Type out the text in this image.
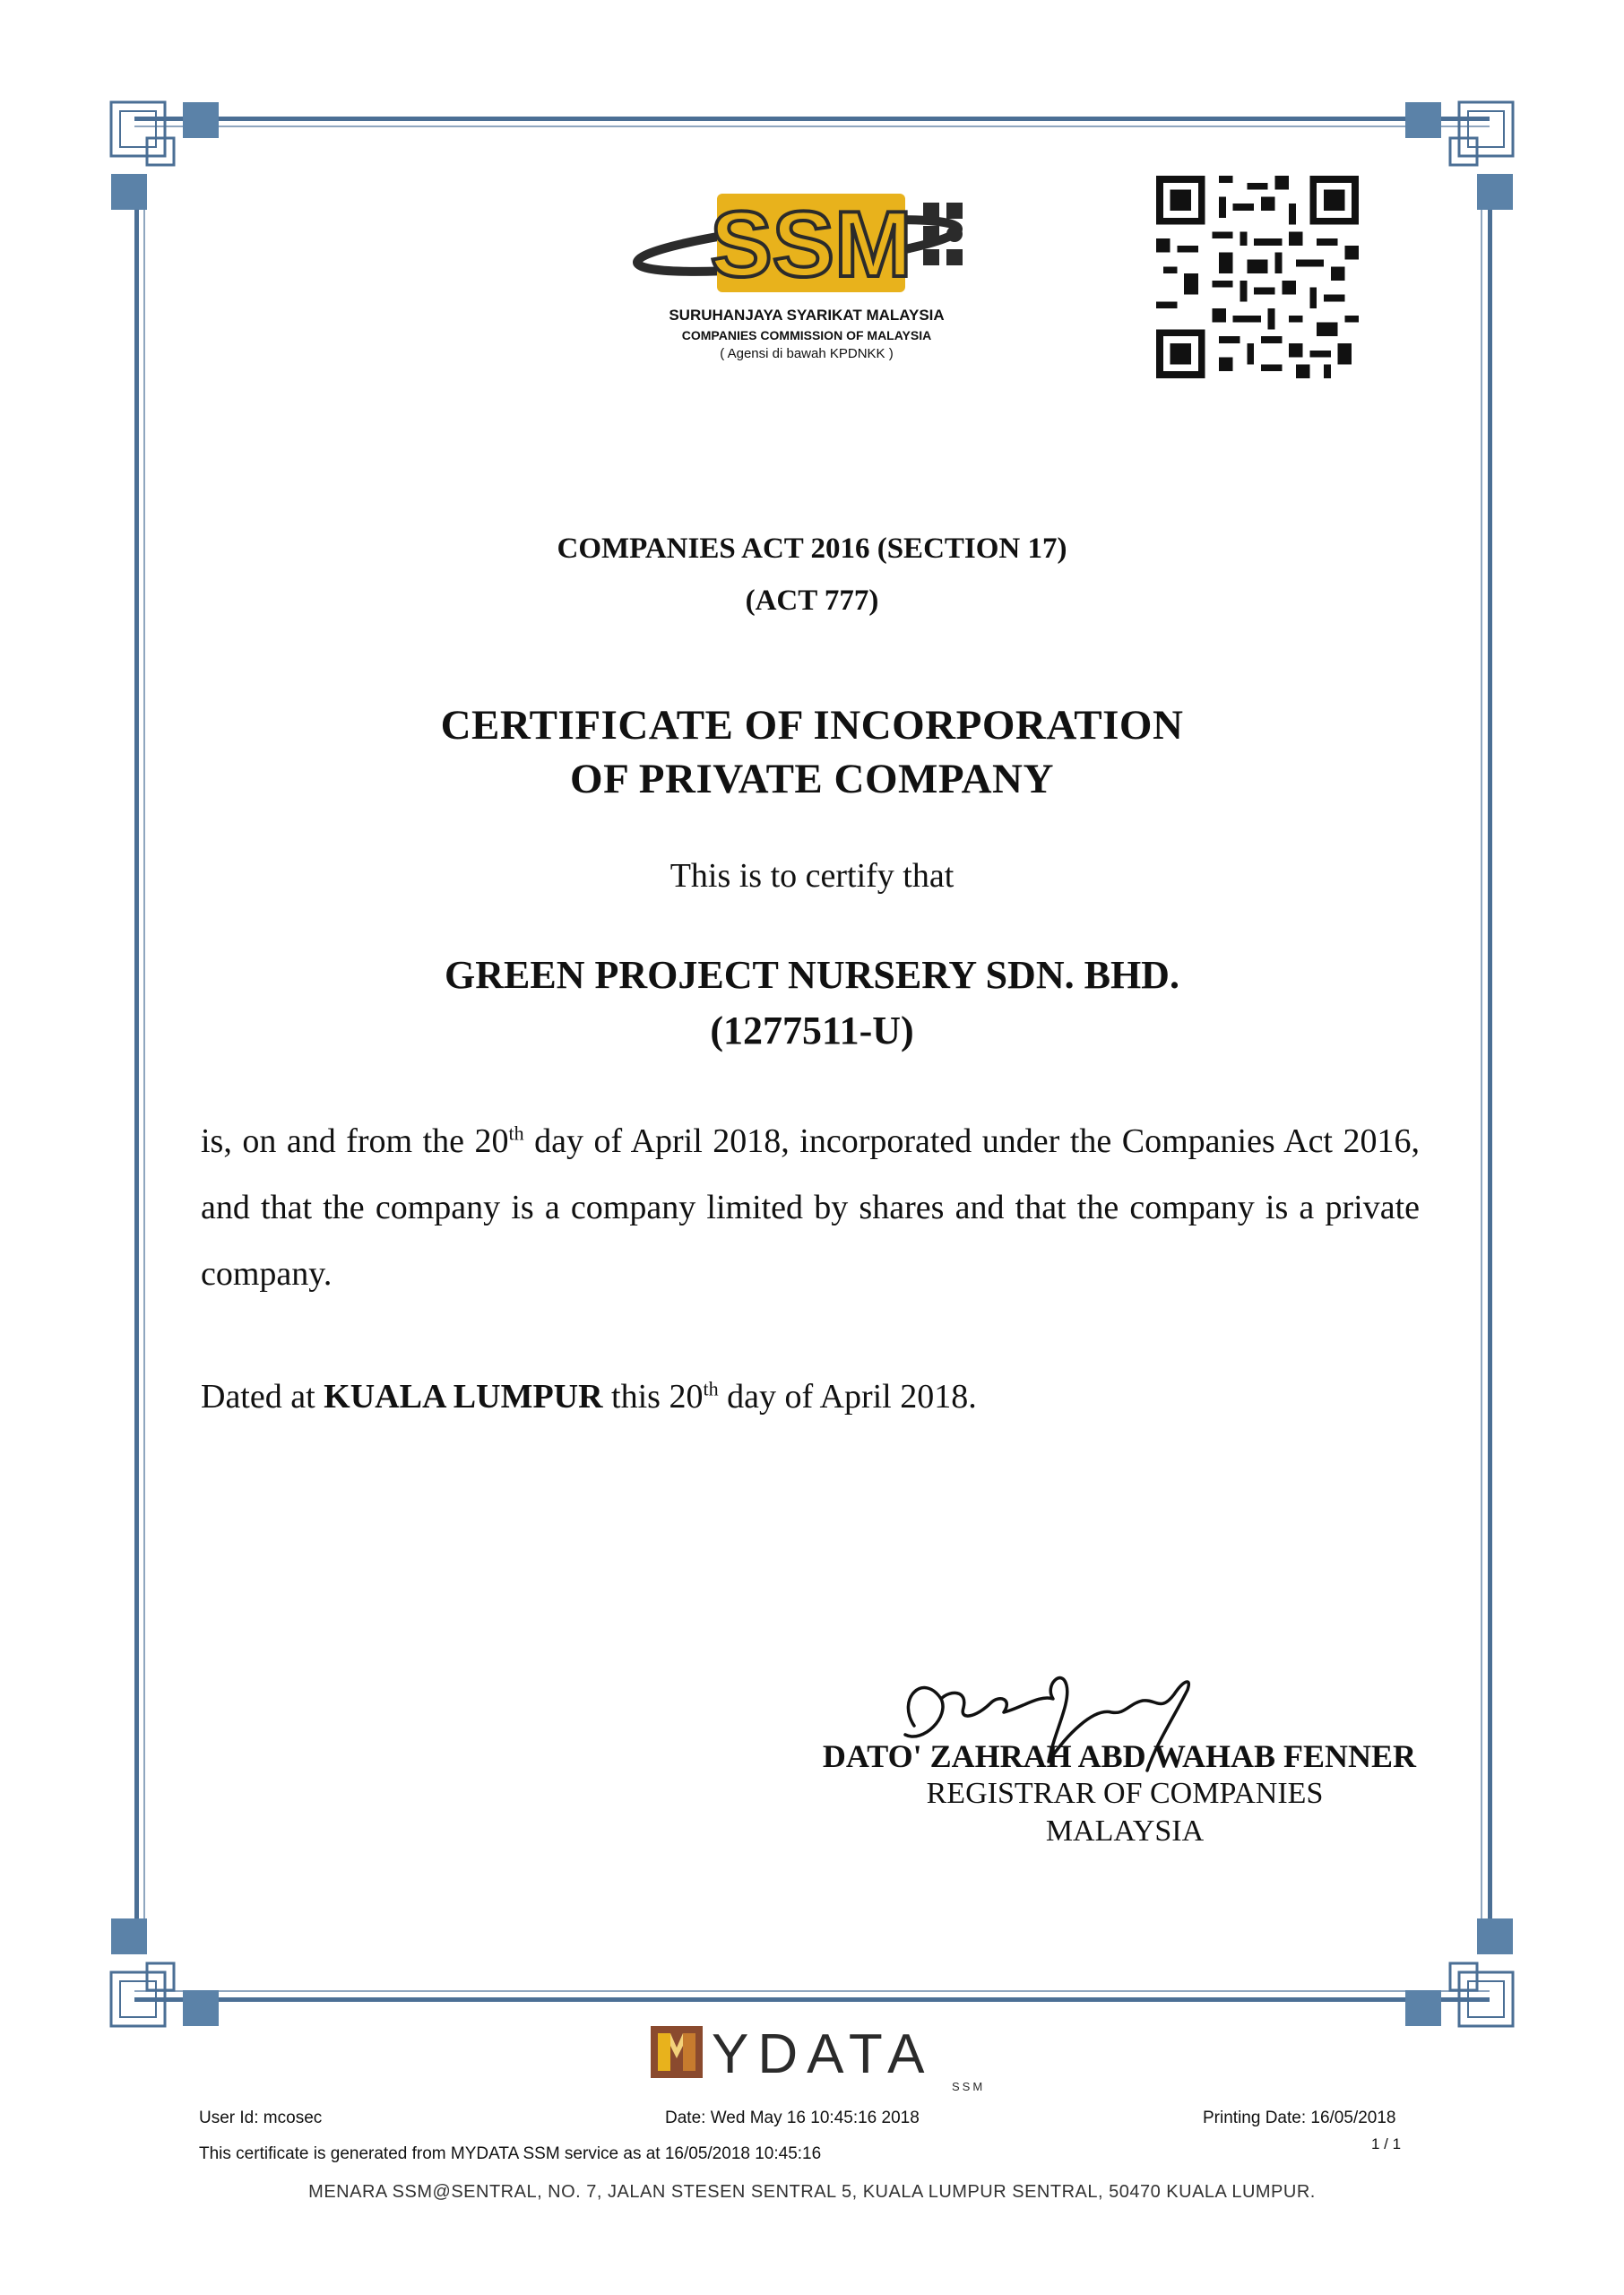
SSM
SURUHANJAYA SYARIKAT MALAYSIA
COMPANIES COMMISSION OF MALAYSIA
( Agensi di bawah KPDNKK )
COMPANIES ACT 2016 (SECTION 17)
(ACT 777)
CERTIFICATE OF INCORPORATION
OF PRIVATE COMPANY
This is to certify that
GREEN PROJECT NURSERY SDN. BHD.
(1277511-U)
is, on and from the 20th day of April 2018, incorporated under the Companies Act 2016, and that the company is a company limited by shares and that the company is a private company.
Dated at KUALA LUMPUR this 20th day of April 2018.
DATO' ZAHRAH ABD WAHAB FENNER
REGISTRAR OF COMPANIES
MALAYSIA
YDATA
SSM
User Id: mcosec	Date: Wed May 16 10:45:16 2018	Printing Date: 16/05/2018
1 / 1
This certificate is generated from MYDATA SSM service as at 16/05/2018 10:45:16
MENARA SSM@SENTRAL, NO. 7, JALAN STESEN SENTRAL 5, KUALA LUMPUR SENTRAL, 50470 KUALA LUMPUR.
